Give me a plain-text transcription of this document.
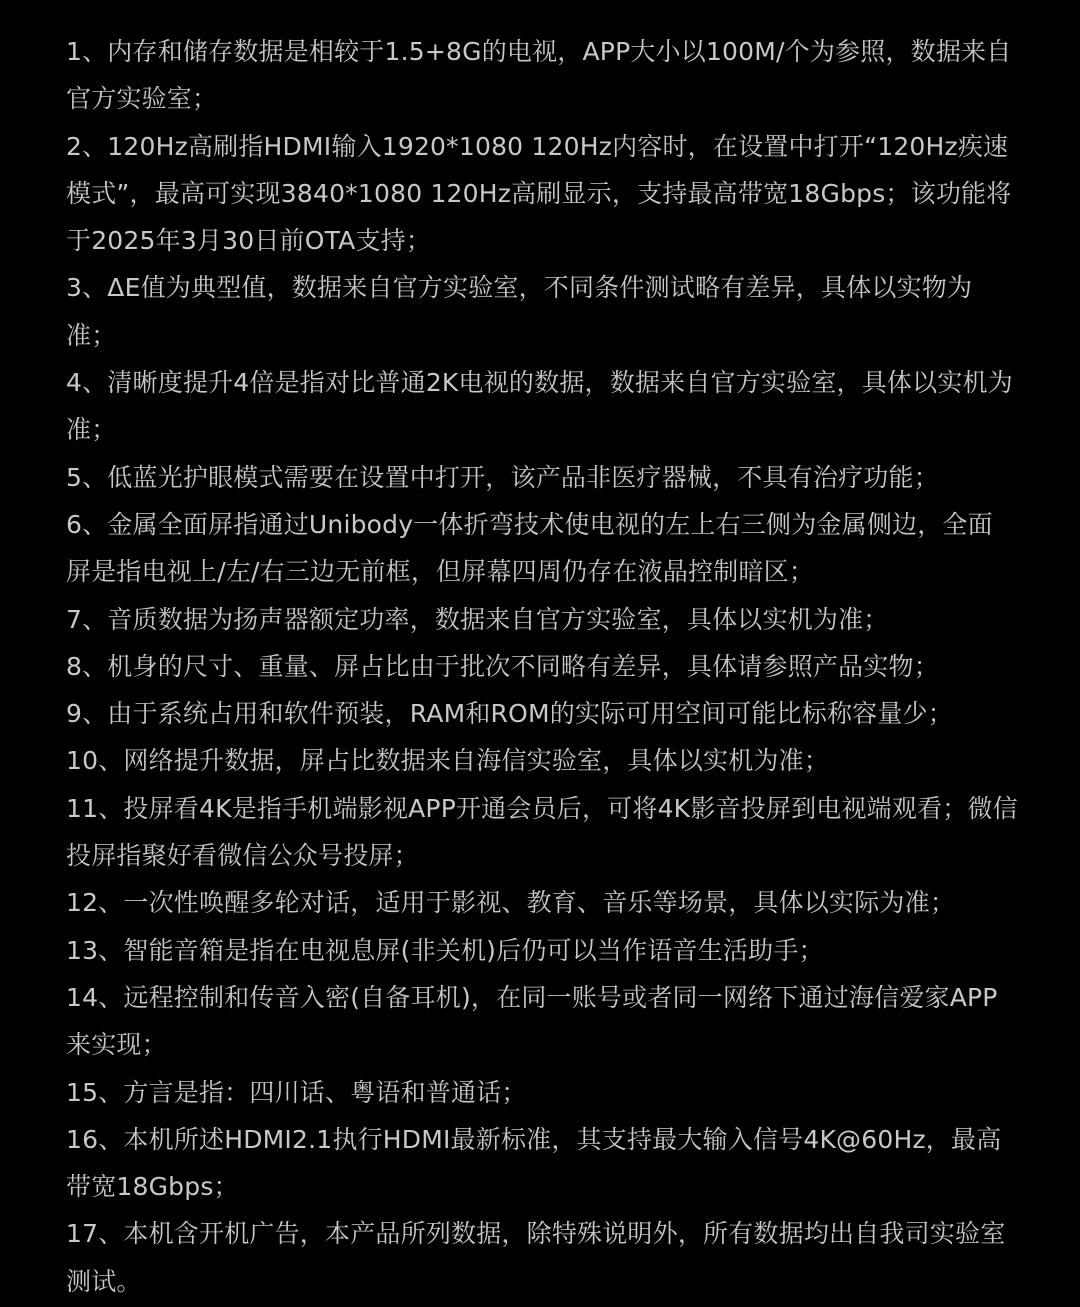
1、内存和储存数据是相较于1.5+8G的电视，APP大小以100M/个为参照，数据来自官方实验室；
2、120Hz高刷指HDMI输入1920*1080 120Hz内容时，在设置中打开“120Hz疾速模式”，最高可实现3840*1080 120Hz高刷显示，支持最高带宽18Gbps；该功能将于2025年3月30日前OTA支持；
3、ΔE值为典型值，数据来自官方实验室，不同条件测试略有差异，具体以实物为准；
4、清晰度提升4倍是指对比普通2K电视的数据，数据来自官方实验室，具体以实机为准；
5、低蓝光护眼模式需要在设置中打开，该产品非医疗器械，不具有治疗功能；
6、金属全面屏指通过Unibody一体折弯技术使电视的左上右三侧为金属侧边，全面屏是指电视上/左/右三边无前框，但屏幕四周仍存在液晶控制暗区；
7、音质数据为扬声器额定功率，数据来自官方实验室，具体以实机为准；
8、机身的尺寸、重量、屏占比由于批次不同略有差异，具体请参照产品实物；
9、由于系统占用和软件预装，RAM和ROM的实际可用空间可能比标称容量少；
10、网络提升数据，屏占比数据来自海信实验室，具体以实机为准；
11、投屏看4K是指手机端影视APP开通会员后，可将4K影音投屏到电视端观看；微信投屏指聚好看微信公众号投屏；
12、一次性唤醒多轮对话，适用于影视、教育、音乐等场景，具体以实际为准；
13、智能音箱是指在电视息屏(非关机)后仍可以当作语音生活助手；
14、远程控制和传音入密(自备耳机)，在同一账号或者同一网络下通过海信爱家APP来实现；
15、方言是指：四川话、粤语和普通话；
16、本机所述HDMI2.1执行HDMI最新标准，其支持最大输入信号4K@60Hz，最高带宽18Gbps；
17、本机含开机广告，本产品所列数据，除特殊说明外，所有数据均出自我司实验室测试。
